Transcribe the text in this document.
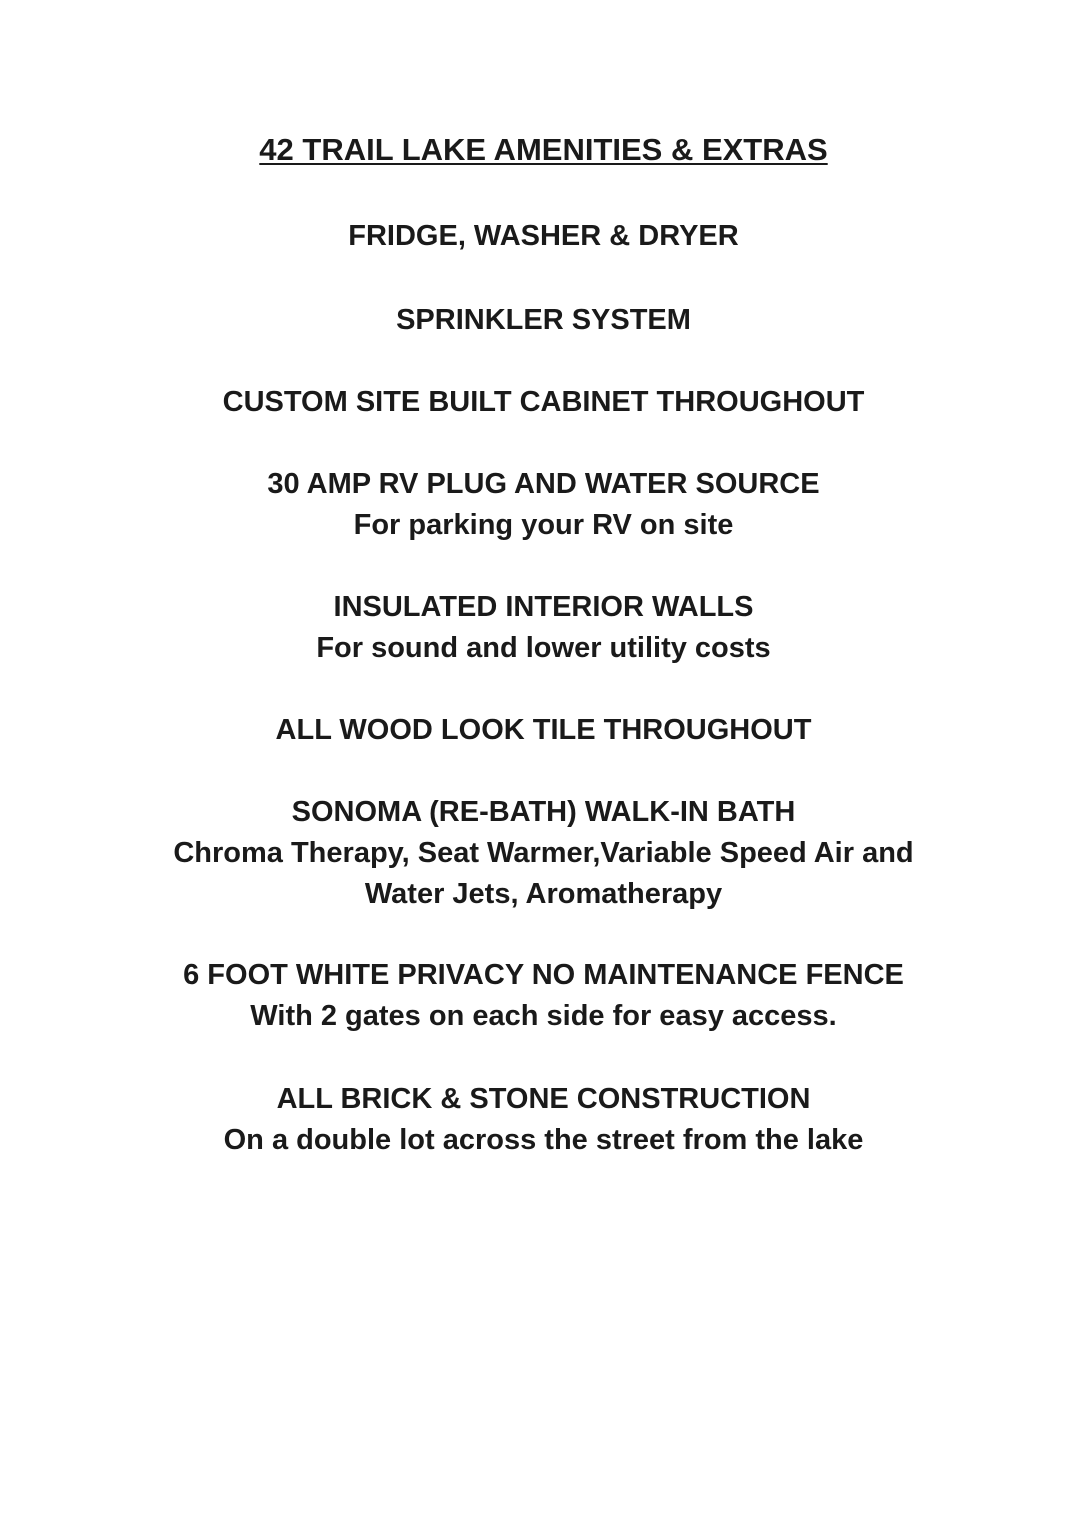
42 TRAIL LAKE AMENITIES & EXTRAS
FRIDGE, WASHER & DRYER
SPRINKLER SYSTEM
CUSTOM SITE BUILT CABINET THROUGHOUT
30 AMP RV PLUG AND WATER SOURCE
For parking your RV on site
INSULATED INTERIOR WALLS
For sound and lower utility costs
ALL WOOD LOOK TILE THROUGHOUT
SONOMA (RE-BATH) WALK-IN BATH
Chroma Therapy, Seat Warmer,Variable Speed Air and
Water Jets, Aromatherapy
6 FOOT WHITE PRIVACY NO MAINTENANCE FENCE
With 2 gates on each side for easy access.
ALL BRICK & STONE CONSTRUCTION
On a double lot across the street from the lake
